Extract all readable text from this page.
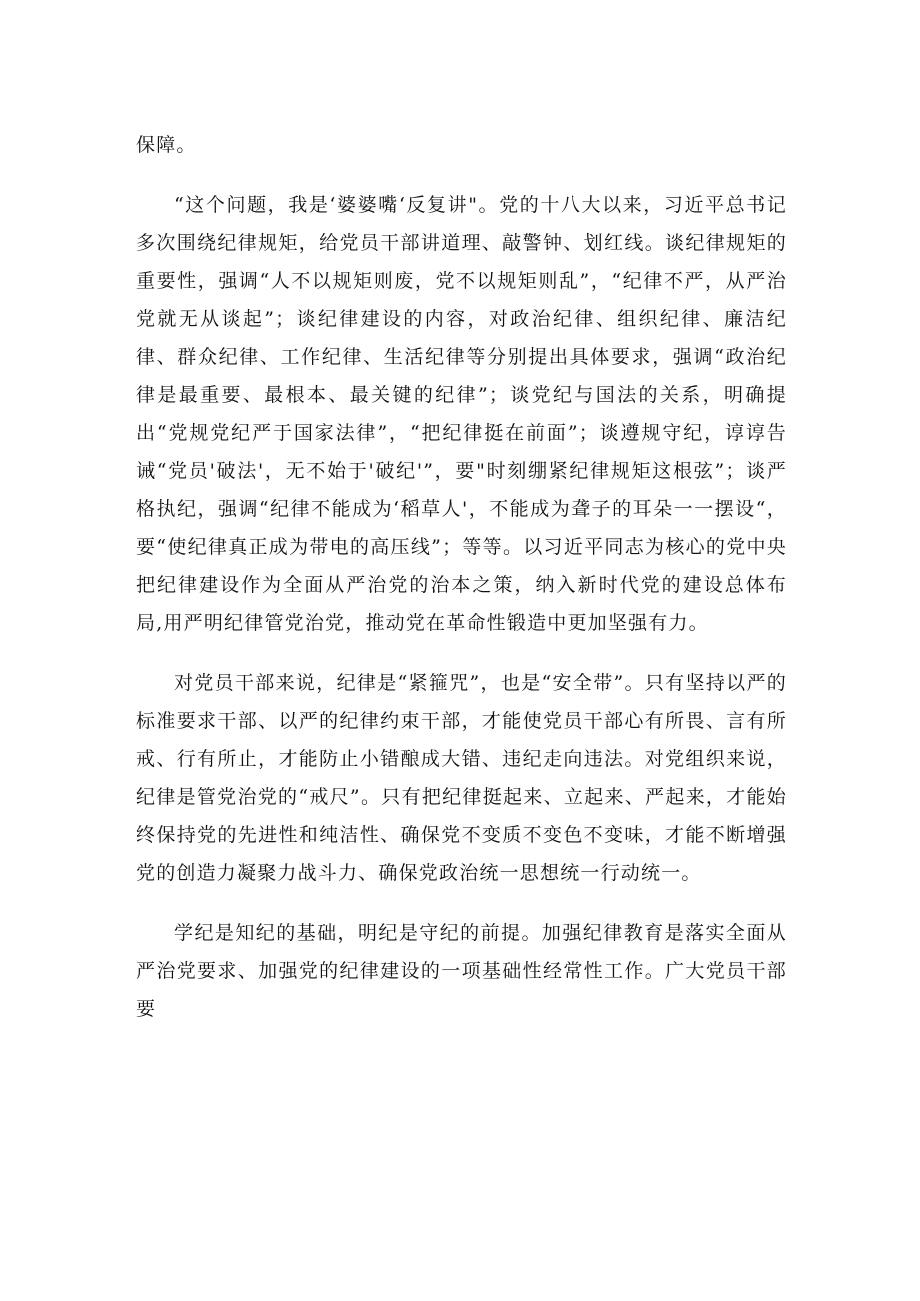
保障。

“这个问题，我是‘婆婆嘴‘反复讲"。党的十八大以来，习近平总书记多次围绕纪律规矩，给党员干部讲道理、敲警钟、划红线。谈纪律规矩的重要性，强调“人不以规矩则废，党不以规矩则乱”，“纪律不严，从严治党就无从谈起”；谈纪律建设的内容，对政治纪律、组织纪律、廉洁纪律、群众纪律、工作纪律、生活纪律等分别提出具体要求，强调“政治纪律是最重要、最根本、最关键的纪律”；谈党纪与国法的关系，明确提出“党规党纪严于国家法律”，“把纪律挺在前面”；谈遵规守纪，谆谆告诫“党员'破法'，无不始于'破纪'”，要"时刻绷紧纪律规矩这根弦”；谈严格执纪，强调“纪律不能成为‘稻草人'，不能成为聋子的耳朵一一摆设“，要“使纪律真正成为带电的高压线”；等等。以习近平同志为核心的党中央把纪律建设作为全面从严治党的治本之策，纳入新时代党的建设总体布局,用严明纪律管党治党，推动党在革命性锻造中更加坚强有力。

对党员干部来说，纪律是“紧箍咒”，也是“安全带”。只有坚持以严的标准要求干部、以严的纪律约束干部，才能使党员干部心有所畏、言有所戒、行有所止，才能防止小错酿成大错、违纪走向违法。对党组织来说，纪律是管党治党的“戒尺”。只有把纪律挺起来、立起来、严起来，才能始终保持党的先进性和纯洁性、确保党不变质不变色不变味，才能不断增强党的创造力凝聚力战斗力、确保党政治统一思想统一行动统一。

学纪是知纪的基础，明纪是守纪的前提。加强纪律教育是落实全面从严治党要求、加强党的纪律建设的一项基础性经常性工作。广大党员干部要
